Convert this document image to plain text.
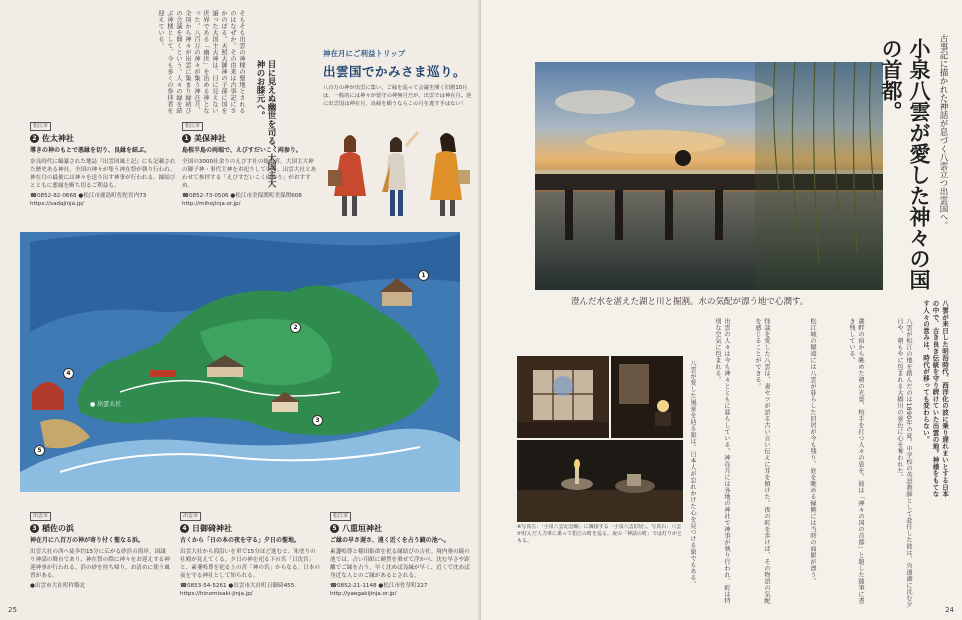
目に見えぬ幽世を司る、大国主大神のお膝元へ。
そもそも出雲の神様の聖地とされるのはなぜか。その由来は古事記にさかのぼる。天照大御神の子孫に国を譲った大国主大神は、目に見えない世界である「幽世」を治める神となった。八百万の神々が集う神在月、全国から神々が出雲に集まり縁結びの会議を開くという。人々の縁を結ぶ神様として、今も多くの参拝者を迎えている。
神在月にご利益トリップ
出雲国でかみさま巡り。
八百万の神が出雲に集い、ご縁を巡って会議を開く旧暦10月は、一般的には神々が留守の神無月だが、出雲では神在月。逆に出雲国は神在月、良縁を願うならこの月を逃す手はない！
松江市
2 佐太神社
導きの神のもとで悪縁を切り、良縁を結ぶ。

奈良時代に編纂された地誌『出雲国風土記』にも記載された歴史ある神社。全国の神々が集う神在祭が執り行われ、神在月の最後には神々を送り出す神事が行われる。縁結びとともに悪縁を断ち切るご利益も。

☎0852-82-0668 ●松江市鹿島町佐陀宮内73 https://sadajinja.jp/

松江市
1 美保神社
島根半島の両端で、えびすだいこく両参り。

全国の3000社余りのえびす社の総本宮。大国主大神の御子神・事代主神をお祀りしている。出雲大社とあわせて参拝する「えびすだいこく両参り」がおすすめ。

☎0852-73-0506 ●松江市美保関町美保関608 http://mihojinja.or.jp/

● 出雲大社
1
2
3
4
5
出雲市
3 稲佐の浜
神在月に八百万の神が寄り付く聖なる浜。

出雲大社の西へ徒歩約15分に広がる砂浜の海岸。国譲り神話の舞台であり、神在祭の際に神々をお迎えする神迎神事が行われる。浜の砂を持ち帰り、お清めに使う風習がある。

●出雲市大社町杵築北

出雲市
4 日御碕神社
古くから「日の本の夜を守る」夕日の聖地。

出雲大社から海沿いを車で15分ほど進むと、朱塗りの社殿が見えてくる。夕日の神を祀る下の宮「日沈宮」と、素戔嗚尊を祀る上の宮「神の宮」からなる。日本の夜を守る神社として知られる。

☎0853-54-5261 ●出雲市大社町日御碕455 https://hinomisaki-jinja.jp/

松江市
5 八重垣神社
ご縁の早さ遅さ、遠く近くを占う鏡の池へ。

素盞嗚尊と稲田姫命を祀る縁結びの古社。境内奥の鏡の池では、占い用紙に硬貨を乗せて浮かべ、沈む早さや距離でご縁を占う。早く沈めば良縁が早く、近くで沈めば身近な人とのご縁があるとされる。

☎0852-21-1148 ●松江市佐草町227 http://yaegakijinja.or.jp/

25
澄んだ水を湛えた湖と川と掘割。水の気配が漂う地で心潤す。
※写真左：「小泉八雲記念館」に隣接する「小泉八雲旧居」。写真右：八雲が好んだ人力車に乗って松江の町を巡る。夜の「神話の町」では灯りがともる。
古事記に描かれた神話が息づく八雲立つ出雲国へ。
小泉八雲が愛した神々の国の首都。
八雲が来日した明治時代、西洋化の波に乗り遅れまいとする日本の中で、古き良き伝統を守り続けていた出雲の地。神様をもてなす人々の営みは、時代が移っても変わらない。
八雲が松江の地を踏んだのは1890年の夏。中学校の英語教師として赴任した彼は、宍道湖に沈む夕日や、朝もやに包まれる大橋川の景色に心を奪われた。
湖畔の宿から眺めた朝の光景、柏手を打つ人々の姿を、彼は「神々の国の首都」と題した随筆に書き残している。
松江城の堀端には八雲が暮らした旧居が今も残り、庭を眺める縁側には当時の面影が漂う。
怪談を愛した八雲は、妻セツが語る古い言い伝えに耳を傾けた。夜の町を歩けば、その物語の気配を感じることができる。
出雲の人々は今も神々とともに暮らしている。神在月には各地の神社で神事が執り行われ、町は特別な空気に包まれる。
八雲が愛した風景を辿る旅は、日本人が忘れかけた心を見つける旅でもある。
24
